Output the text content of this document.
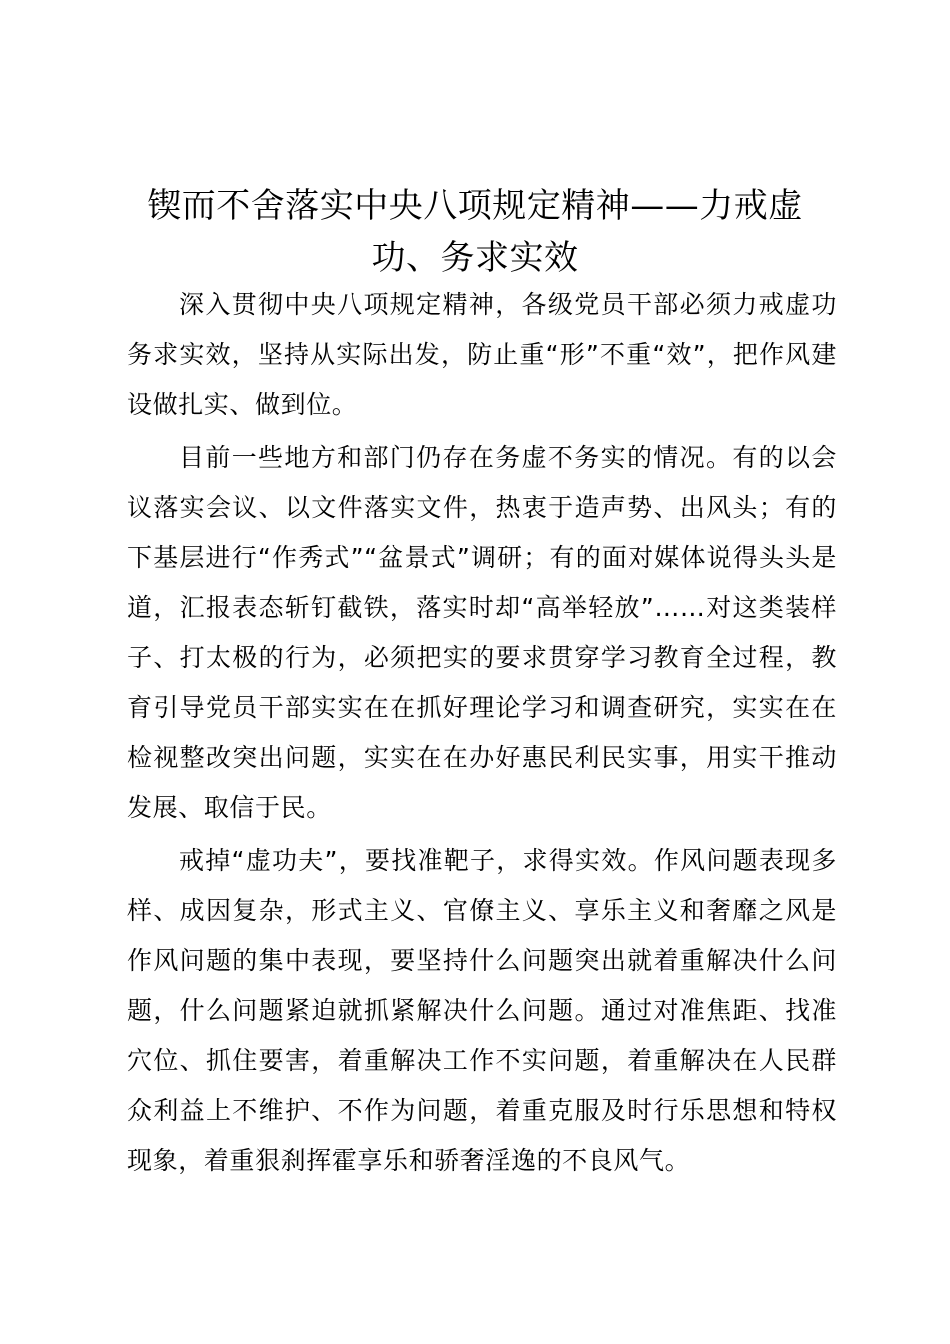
锲而不舍落实中央八项规定精神——力戒虚功、务求实效

深入贯彻中央八项规定精神，各级党员干部必须力戒虚功务求实效，坚持从实际出发，防止重“形”不重“效”，把作风建设做扎实、做到位。

目前一些地方和部门仍存在务虚不务实的情况。有的以会议落实会议、以文件落实文件，热衷于造声势、出风头；有的下基层进行“作秀式”“盆景式”调研；有的面对媒体说得头头是道，汇报表态斩钉截铁，落实时却“高举轻放”……对这类装样子、打太极的行为，必须把实的要求贯穿学习教育全过程，教育引导党员干部实实在在抓好理论学习和调查研究，实实在在检视整改突出问题，实实在在办好惠民利民实事，用实干推动发展、取信于民。

戒掉“虚功夫”，要找准靶子，求得实效。作风问题表现多样、成因复杂，形式主义、官僚主义、享乐主义和奢靡之风是作风问题的集中表现，要坚持什么问题突出就着重解决什么问题，什么问题紧迫就抓紧解决什么问题。通过对准焦距、找准穴位、抓住要害，着重解决工作不实问题，着重解决在人民群众利益上不维护、不作为问题，着重克服及时行乐思想和特权现象，着重狠刹挥霍享乐和骄奢淫逸的不良风气。
